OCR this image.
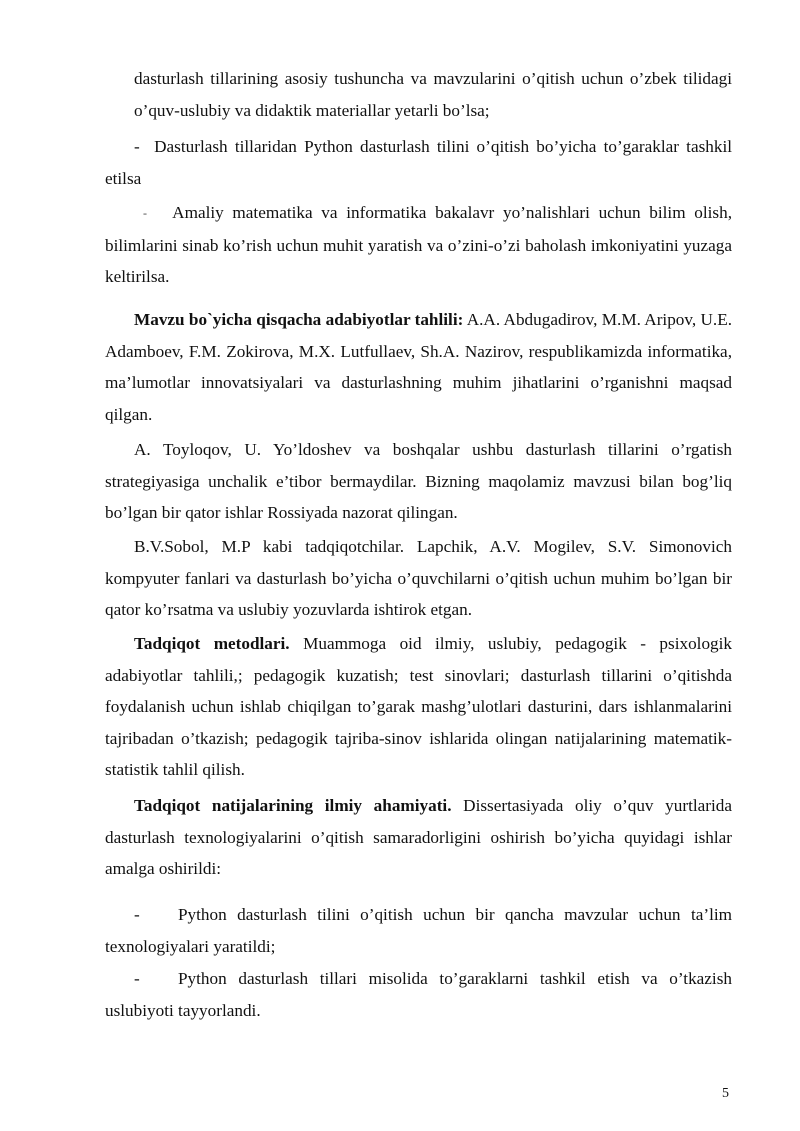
dasturlash tillarining asosiy tushuncha va mavzularini o’qitish uchun o’zbek tilidagi o’quv-uslubiy va didaktik materiallar yetarli bo’lsa;

- Dasturlash tillaridan Python dasturlash tilini o’qitish bo’yicha to’garaklar tashkil etilsa

- Amaliy matematika va informatika bakalavr yo’nalishlari uchun bilim olish, bilimlarini sinab ko’rish uchun muhit yaratish va o’zini-o’zi baholash imkoniyatini yuzaga keltirilsa.

Mavzu bo`yicha qisqacha adabiyotlar tahlili: A.A. Abdugadirov, M.M. Aripov, U.E. Adamboev, F.M. Zokirova, M.X. Lutfullaev, Sh.A. Nazirov, respublikamizda informatika, ma’lumotlar innovatsiyalari va dasturlashning muhim jihatlarini o’rganishni maqsad qilgan.

A. Toyloqov, U. Yo’ldoshev va boshqalar ushbu dasturlash tillarini o’rgatish strategiyasiga unchalik e’tibor bermaydilar. Bizning maqolamiz mavzusi bilan bog’liq bo’lgan bir qator ishlar Rossiyada nazorat qilingan.

B.V.Sobol, M.P kabi tadqiqotchilar. Lapchik, A.V. Mogilev, S.V. Simonovich kompyuter fanlari va dasturlash bo’yicha o’quvchilarni o’qitish uchun muhim bo’lgan bir qator ko’rsatma va uslubiy yozuvlarda ishtirok etgan.

Tadqiqot metodlari. Muammoga oid ilmiy, uslubiy, pedagogik - psixologik adabiyotlar tahlili,; pedagogik kuzatish; test sinovlari; dasturlash tillarini o’qitishda foydalanish uchun ishlab chiqilgan to’garak mashg’ulotlari dasturini, dars ishlanmalarini tajribadan o’tkazish; pedagogik tajriba-sinov ishlarida olingan natijalarining matematik-statistik tahlil qilish.

Tadqiqot natijalarining ilmiy ahamiyati. Dissertasiyada oliy o’quv yurtlarida dasturlash texnologiyalarini o’qitish samaradorligini oshirish bo’yicha quyidagi ishlar amalga oshirildi:

- Python dasturlash tilini o’qitish uchun bir qancha mavzular uchun ta’lim texnologiyalari yaratildi;

- Python dasturlash tillari misolida to’garaklarni tashkil etish va o’tkazish uslubiyoti tayyorlandi.

5
